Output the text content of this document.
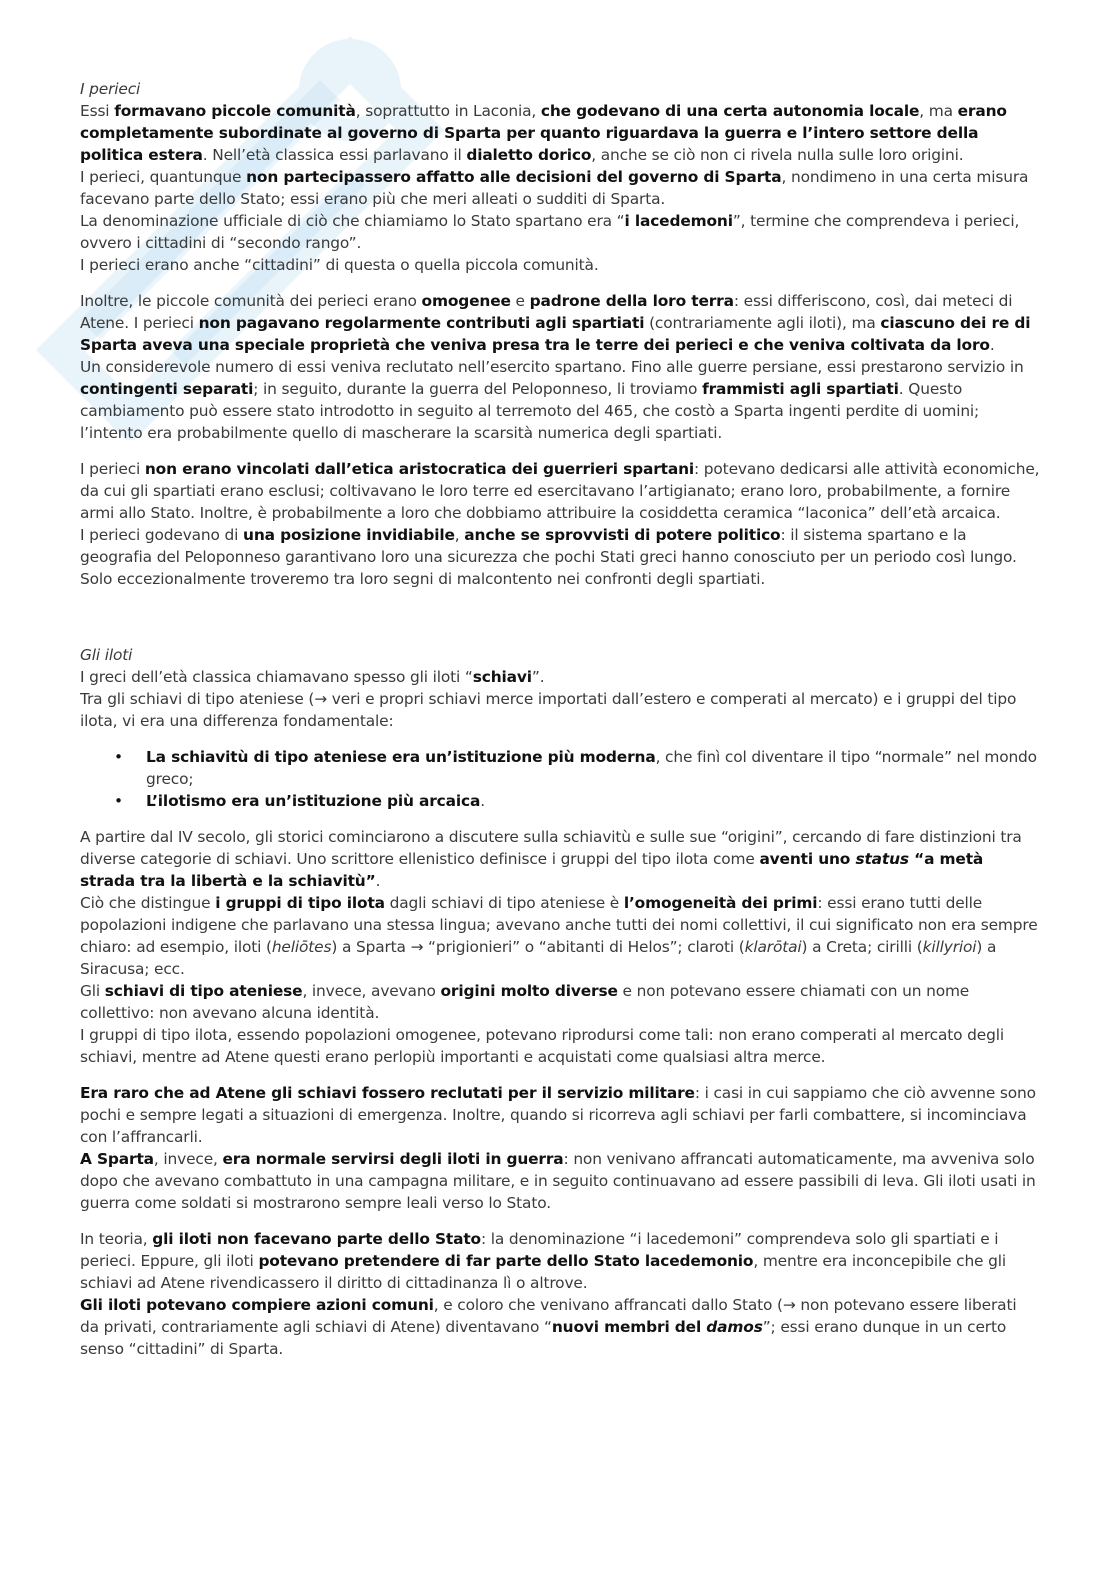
I perieci

Essi formavano piccole comunità, soprattutto in Laconia, che godevano di una certa autonomia locale, ma erano completamente subordinate al governo di Sparta per quanto riguardava la guerra e l’intero settore della politica estera. Nell’età classica essi parlavano il dialetto dorico, anche se ciò non ci rivela nulla sulle loro origini.

I perieci, quantunque non partecipassero affatto alle decisioni del governo di Sparta, nondimeno in una certa misura facevano parte dello Stato; essi erano più che meri alleati o sudditi di Sparta.

La denominazione ufficiale di ciò che chiamiamo lo Stato spartano era “i lacedemoni”, termine che comprendeva i perieci, ovvero i cittadini di “secondo rango”.

I perieci erano anche “cittadini” di questa o quella piccola comunità.

Inoltre, le piccole comunità dei perieci erano omogenee e padrone della loro terra: essi differiscono, così, dai meteci di Atene. I perieci non pagavano regolarmente contributi agli spartiati (contrariamente agli iloti), ma ciascuno dei re di Sparta aveva una speciale proprietà che veniva presa tra le terre dei perieci e che veniva coltivata da loro.

Un considerevole numero di essi veniva reclutato nell’esercito spartano. Fino alle guerre persiane, essi prestarono servizio in contingenti separati; in seguito, durante la guerra del Peloponneso, li troviamo frammisti agli spartiati. Questo cambiamento può essere stato introdotto in seguito al terremoto del 465, che costò a Sparta ingenti perdite di uomini; l’intento era probabilmente quello di mascherare la scarsità numerica degli spartiati.

I perieci non erano vincolati dall’etica aristocratica dei guerrieri spartani: potevano dedicarsi alle attività economiche, da cui gli spartiati erano esclusi; coltivavano le loro terre ed esercitavano l’artigianato; erano loro, probabilmente, a fornire armi allo Stato. Inoltre, è probabilmente a loro che dobbiamo attribuire la cosiddetta ceramica “laconica” dell’età arcaica.

I perieci godevano di una posizione invidiabile, anche se sprovvisti di potere politico: il sistema spartano e la geografia del Peloponneso garantivano loro una sicurezza che pochi Stati greci hanno conosciuto per un periodo così lungo. Solo eccezionalmente troveremo tra loro segni di malcontento nei confronti degli spartiati.

Gli iloti

I greci dell’età classica chiamavano spesso gli iloti “schiavi”.

Tra gli schiavi di tipo ateniese (→ veri e propri schiavi merce importati dall’estero e comperati al mercato) e i gruppi del tipo ilota, vi era una differenza fondamentale:

• La schiavitù di tipo ateniese era un’istituzione più moderna, che finì col diventare il tipo “normale” nel mondo greco;
• L’ilotismo era un’istituzione più arcaica.

A partire dal IV secolo, gli storici cominciarono a discutere sulla schiavitù e sulle sue “origini”, cercando di fare distinzioni tra diverse categorie di schiavi. Uno scrittore ellenistico definisce i gruppi del tipo ilota come aventi uno status “a metà strada tra la libertà e la schiavitù”.

Ciò che distingue i gruppi di tipo ilota dagli schiavi di tipo ateniese è l’omogeneità dei primi: essi erano tutti delle popolazioni indigene che parlavano una stessa lingua; avevano anche tutti dei nomi collettivi, il cui significato non era sempre chiaro: ad esempio, iloti (heliōtes) a Sparta → “prigionieri” o “abitanti di Helos”; claroti (klarōtai) a Creta; cirilli (killyrioi) a Siracusa; ecc.

Gli schiavi di tipo ateniese, invece, avevano origini molto diverse e non potevano essere chiamati con un nome collettivo: non avevano alcuna identità.

I gruppi di tipo ilota, essendo popolazioni omogenee, potevano riprodursi come tali: non erano comperati al mercato degli schiavi, mentre ad Atene questi erano perlopiù importanti e acquistati come qualsiasi altra merce.

Era raro che ad Atene gli schiavi fossero reclutati per il servizio militare: i casi in cui sappiamo che ciò avvenne sono pochi e sempre legati a situazioni di emergenza. Inoltre, quando si ricorreva agli schiavi per farli combattere, si incominciava con l’affrancarli.

A Sparta, invece, era normale servirsi degli iloti in guerra: non venivano affrancati automaticamente, ma avveniva solo dopo che avevano combattuto in una campagna militare, e in seguito continuavano ad essere passibili di leva. Gli iloti usati in guerra come soldati si mostrarono sempre leali verso lo Stato.

In teoria, gli iloti non facevano parte dello Stato: la denominazione “i lacedemoni” comprendeva solo gli spartiati e i perieci. Eppure, gli iloti potevano pretendere di far parte dello Stato lacedemonio, mentre era inconcepibile che gli schiavi ad Atene rivendicassero il diritto di cittadinanza lì o altrove.

Gli iloti potevano compiere azioni comuni, e coloro che venivano affrancati dallo Stato (→ non potevano essere liberati da privati, contrariamente agli schiavi di Atene) diventavano “nuovi membri del damos”; essi erano dunque in un certo senso “cittadini” di Sparta.
